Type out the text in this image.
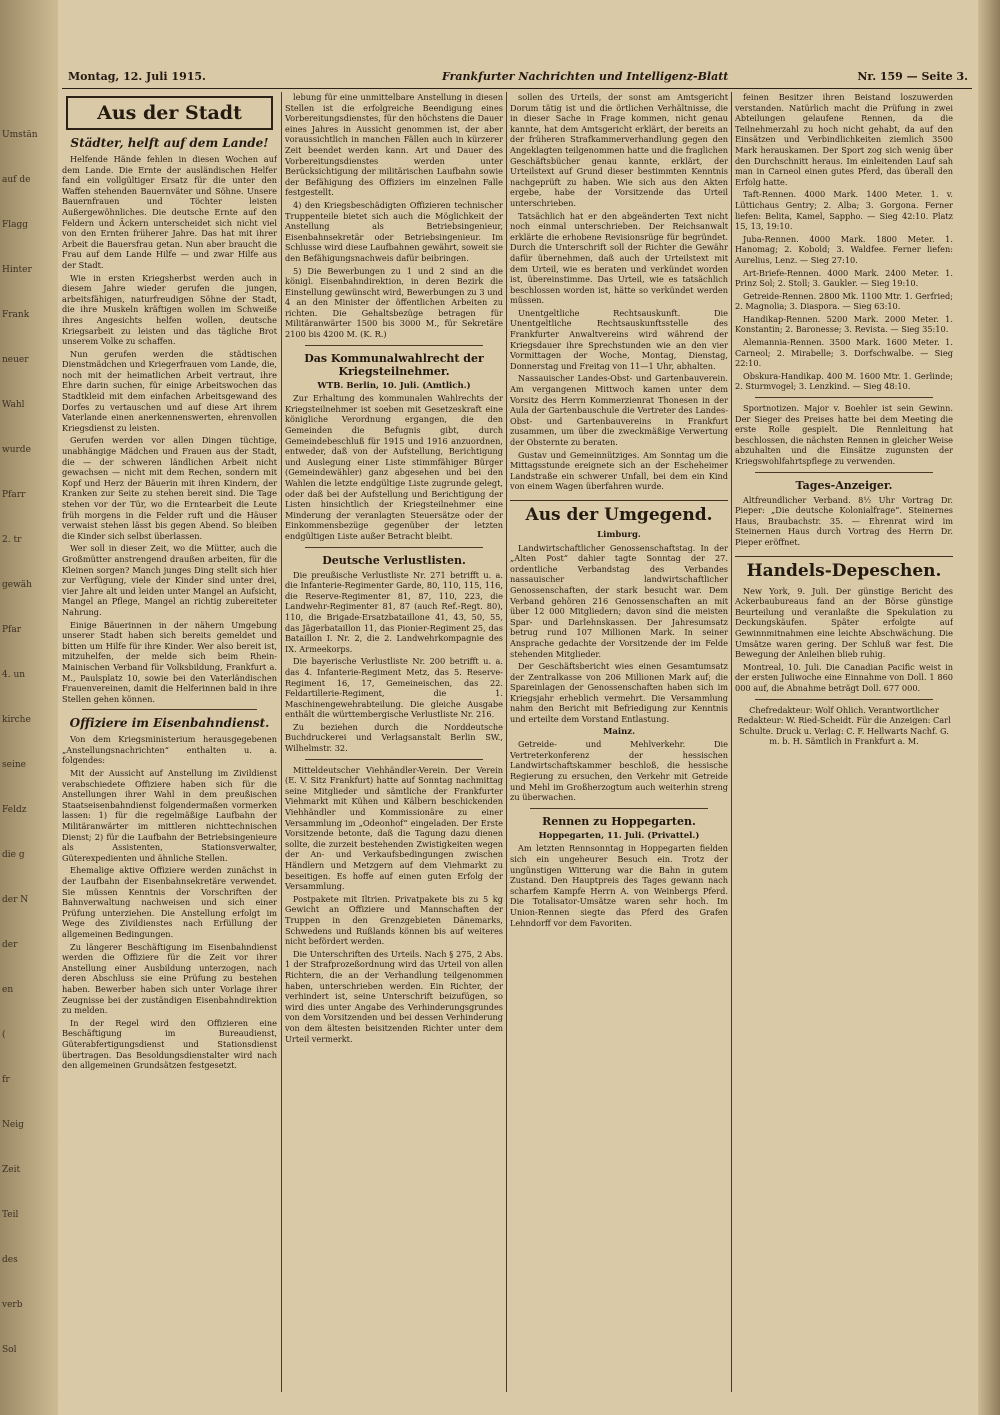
Umstän
auf de
Flagg
Hinter
Frank
neuer
Wahl
wurde
Pfarr
2. tr
gewäh
Pfar
4. un
kirche
seine
Feldz
die g
der N
der
en
(
fr
Neig
Zeit
Teil
des
verb
Sol
Montag, 12. Juli 1915.	Frankfurter Nachrichten und Intelligenz-Blatt	Nr. 159 — Seite 3.
Aus der Stadt
Städter, helft auf dem Lande!

Helfende Hände fehlen in diesen Wochen auf dem Lande. Die Ernte der ausländischen Helfer fand ein vollgültiger Ersatz für die unter den Waffen stehenden Bauernväter und Söhne. Unsere Bauernfrauen und Töchter leisten Außergewöhnliches. Die deutsche Ernte auf den Feldern und Äckern unterscheidet sich nicht viel von den Ernten früherer Jahre. Das hat mit ihrer Arbeit die Bauersfrau getan. Nun aber braucht die Frau auf dem Lande Hilfe — und zwar Hilfe aus der Stadt.

Wie in ersten Kriegsherbst werden auch in diesem Jahre wieder gerufen die jungen, arbeitsfähigen, naturfreudigen Söhne der Stadt, die ihre Muskeln kräftigen wollen im Schweiße ihres Angesichts helfen wollen, deutsche Kriegsarbeit zu leisten und das tägliche Brot unserem Volke zu schaffen.

Nun gerufen werden die städtischen Dienstmädchen und Kriegerfrauen vom Lande, die, noch mit der heimatlichen Arbeit vertraut, ihre Ehre darin suchen, für einige Arbeitswochen das Stadtkleid mit dem einfachen Arbeitsgewand des Dorfes zu vertauschen und auf diese Art ihrem Vaterlande einen anerkennenswerten, ehrenvollen Kriegsdienst zu leisten.

Gerufen werden vor allen Dingen tüchtige, unabhängige Mädchen und Frauen aus der Stadt, die — der schweren ländlichen Arbeit nicht gewachsen — nicht mit dem Rechen, sondern mit Kopf und Herz der Bäuerin mit ihren Kindern, der Kranken zur Seite zu stehen bereit sind. Die Tage stehen vor der Tür, wo die Erntearbeit die Leute früh morgens in die Felder ruft und die Häuser verwaist stehen lässt bis gegen Abend. So bleiben die Kinder sich selbst überlassen.

Wer soll in dieser Zeit, wo die Mütter, auch die Großmütter anstrengend draußen arbeiten, für die Kleinen sorgen? Manch junges Ding stellt sich hier zur Verfügung, viele der Kinder sind unter drei, vier Jahre alt und leiden unter Mangel an Aufsicht, Mangel an Pflege, Mangel an richtig zubereiteter Nahrung.

Einige Bäuerinnen in der nähern Umgebung unserer Stadt haben sich bereits gemeldet und bitten um Hilfe für ihre Kinder. Wer also bereit ist, mitzuhelfen, der melde sich beim Rhein-Mainischen Verband für Volksbildung, Frankfurt a. M., Paulsplatz 10, sowie bei den Vaterländischen Frauenvereinen, damit die Helferinnen bald in ihre Stellen gehen können.

Offiziere im Eisenbahndienst.

Von dem Kriegsministerium herausgegebenen „Anstellungsnachrichten“ enthalten u. a. folgendes:

Mit der Aussicht auf Anstellung im Zivildienst verabschiedete Offiziere haben sich für die Anstellungen ihrer Wahl in dem preußischen Staatseisenbahndienst folgendermaßen vormerken lassen: 1) für die regelmäßige Laufbahn der Militäranwärter im mittleren nichttechnischen Dienst; 2) für die Laufbahn der Betriebsingenieure als Assistenten, Stationsverwalter, Güterexpedienten und ähnliche Stellen.

Ehemalige aktive Offiziere werden zunächst in der Laufbahn der Eisenbahnsekretäre verwendet. Sie müssen Kenntnis der Vorschriften der Bahnverwaltung nachweisen und sich einer Prüfung unterziehen. Die Anstellung erfolgt im Wege des Zivildienstes nach Erfüllung der allgemeinen Bedingungen.

Zu längerer Beschäftigung im Eisenbahndienst werden die Offiziere für die Zeit vor ihrer Anstellung einer Ausbildung unterzogen, nach deren Abschluss sie eine Prüfung zu bestehen haben. Bewerber haben sich unter Vorlage ihrer Zeugnisse bei der zuständigen Eisenbahndirektion zu melden.

In der Regel wird den Offizieren eine Beschäftigung im Bureaudienst, Güterabfertigungsdienst und Stationsdienst übertragen. Das Besoldungsdienstalter wird nach den allgemeinen Grundsätzen festgesetzt.

lebung für eine unmittelbare Anstellung in diesen Stellen ist die erfolgreiche Beendigung eines Vorbereitungsdienstes, für den höchstens die Dauer eines Jahres in Aussicht genommen ist, der aber voraussichtlich in manchen Fällen auch in kürzerer Zeit beendet werden kann. Art und Dauer des Vorbereitungsdienstes werden unter Berücksichtigung der militärischen Laufbahn sowie der Befähigung des Offiziers im einzelnen Falle festgestellt.

4) den Kriegsbeschädigten Offizieren technischer Truppenteile bietet sich auch die Möglichkeit der Anstellung als Betriebsingenieur, Eisenbahnsekretär oder Betriebsingenieur. Im Schlusse wird diese Laufbahnen gewährt, soweit sie den Befähigungsnachweis dafür beibringen.

5) Die Bewerbungen zu 1 und 2 sind an die königl. Eisenbahndirektion, in deren Bezirk die Einstellung gewünscht wird, Bewerbungen zu 3 und 4 an den Minister der öffentlichen Arbeiten zu richten. Die Gehaltsbezüge betragen für Militäranwärter 1500 bis 3000 M., für Sekretäre 2100 bis 4200 M. (K. R.)

Das Kommunalwahlrecht der Kriegsteilnehmer.
WTB. Berlin, 10. Juli. (Amtlich.)

Zur Erhaltung des kommunalen Wahlrechts der Kriegsteilnehmer ist soeben mit Gesetzeskraft eine königliche Verordnung ergangen, die den Gemeinden die Befugnis gibt, durch Gemeindebeschluß für 1915 und 1916 anzuordnen, entweder, daß von der Aufstellung, Berichtigung und Auslegung einer Liste stimmfähiger Bürger (Gemeindewähler) ganz abgesehen und bei den Wahlen die letzte endgültige Liste zugrunde gelegt, oder daß bei der Aufstellung und Berichtigung der Listen hinsichtlich der Kriegsteilnehmer eine Minderung der veranlagten Steuersätze oder der Einkommensbezüge gegenüber der letzten endgültigen Liste außer Betracht bleibt.

Deutsche Verlustlisten.

Die preußische Verlustliste Nr. 271 betrifft u. a. die Infanterie-Regimenter Garde, 80, 110, 115, 116, die Reserve-Regimenter 81, 87, 110, 223, die Landwehr-Regimenter 81, 87 (auch Ref.-Regt. 80), 110, die Brigade-Ersatzbataillone 41, 43, 50, 55, das Jägerbataillon 11, das Pionier-Regiment 25, das Bataillon I. Nr. 2, die 2. Landwehrkompagnie des IX. Armeekorps.

Die bayerische Verlustliste Nr. 200 betrifft u. a. das 4. Infanterie-Regiment Metz, das 5. Reserve-Regiment 16, 17, Gemeineischen, das 22. Feldartillerie-Regiment, die 1. Maschinengewehrabteilung. Die gleiche Ausgabe enthält die württembergische Verlustliste Nr. 216.

Zu beziehen durch die Norddeutsche Buchdruckerei und Verlagsanstalt Berlin SW., Wilhelmstr. 32.

Mitteldeutscher Viehhändler-Verein. Der Verein (E. V. Sitz Frankfurt) hatte auf Sonntag nachmittag seine Mitglieder und sämtliche der Frankfurter Viehmarkt mit Kühen und Kälbern beschickenden Viehhändler und Kommissionäre zu einer Versammlung im „Odeonhof“ eingeladen. Der Erste Vorsitzende betonte, daß die Tagung dazu dienen sollte, die zurzeit bestehenden Zwistigkeiten wegen der An- und Verkaufsbedingungen zwischen Händlern und Metzgern auf dem Viehmarkt zu beseitigen. Es hoffe auf einen guten Erfolg der Versammlung.

Postpakete mit Iltrien. Privatpakete bis zu 5 kg Gewicht an Offiziere und Mannschaften der Truppen in den Grenzgebieten Dänemarks, Schwedens und Rußlands können bis auf weiteres nicht befördert werden.

Die Unterschriften des Urteils. Nach § 275, 2 Abs. 1 der Strafprozeßordnung wird das Urteil von allen Richtern, die an der Verhandlung teilgenommen haben, unterschrieben werden. Ein Richter, der verhindert ist, seine Unterschrift beizufügen, so wird dies unter Angabe des Verhinderungsgrundes von dem Vorsitzenden und bei dessen Verhinderung von dem ältesten beisitzenden Richter unter dem Urteil vermerkt.

sollen des Urteils, der sonst am Amtsgericht Dorum tätig ist und die örtlichen Verhältnisse, die in dieser Sache in Frage kommen, nicht genau kannte, hat dem Amtsgericht erklärt, der bereits an der früheren Strafkammerverhandlung gegen den Angeklagten teilgenommen hatte und die fraglichen Geschäftsbücher genau kannte, erklärt, der Urteilstext auf Grund dieser bestimmten Kenntnis nachgeprüft zu haben. Wie sich aus den Akten ergebe, habe der Vorsitzende das Urteil unterschrieben.

Tatsächlich hat er den abgeänderten Text nicht noch einmal unterschrieben. Der Reichsanwalt erklärte die erhobene Revisionsrüge für begründet. Durch die Unterschrift soll der Richter die Gewähr dafür übernehmen, daß auch der Urteilstext mit dem Urteil, wie es beraten und verkündet worden ist, übereinstimme. Das Urteil, wie es tatsächlich beschlossen worden ist, hätte so verkündet werden müssen.

Unentgeltliche Rechtsauskunft. Die Unentgeltliche Rechtsauskunftsstelle des Frankfurter Anwaltvereins wird während der Kriegsdauer ihre Sprechstunden wie an den vier Vormittagen der Woche, Montag, Dienstag, Donnerstag und Freitag von 11—1 Uhr, abhalten.

Nassauischer Landes-Obst- und Gartenbauverein. Am vergangenen Mittwoch kamen unter dem Vorsitz des Herrn Kommerzienrat Thonesen in der Aula der Gartenbauschule die Vertreter des Landes-Obst- und Gartenbauvereins in Frankfurt zusammen, um über die zweckmäßige Verwertung der Obsternte zu beraten.

Gustav und Gemeinnütziges. Am Sonntag um die Mittagsstunde ereignete sich an der Escheheimer Landstraße ein schwerer Unfall, bei dem ein Kind von einem Wagen überfahren wurde.

Aus der Umgegend.
Limburg.

Landwirtschaftlicher Genossenschaftstag. In der „Alten Post“ dahier tagte Sonntag der 27. ordentliche Verbandstag des Verbandes nassauischer landwirtschaftlicher Genossenschaften, der stark besucht war. Dem Verband gehören 216 Genossenschaften an mit über 12 000 Mitgliedern; davon sind die meisten Spar- und Darlehnskassen. Der Jahresumsatz betrug rund 107 Millionen Mark. In seiner Ansprache gedachte der Vorsitzende der im Felde stehenden Mitglieder.

Der Geschäftsbericht wies einen Gesamtumsatz der Zentralkasse von 206 Millionen Mark auf; die Spareinlagen der Genossenschaften haben sich im Kriegsjahr erheblich vermehrt. Die Versammlung nahm den Bericht mit Befriedigung zur Kenntnis und erteilte dem Vorstand Entlastung.

Mainz.

Getreide- und Mehlverkehr. Die Vertreterkonferenz der hessischen Landwirtschaftskammer beschloß, die hessische Regierung zu ersuchen, den Verkehr mit Getreide und Mehl im Großherzogtum auch weiterhin streng zu überwachen.

Rennen zu Hoppegarten.
Hoppegarten, 11. Juli. (Privattel.)

Am letzten Rennsonntag in Hoppegarten fielden sich ein ungeheurer Besuch ein. Trotz der ungünstigen Witterung war die Bahn in gutem Zustand. Den Hauptpreis des Tages gewann nach scharfem Kampfe Herrn A. von Weinbergs Pferd. Die Totalisator-Umsätze waren sehr hoch. Im Union-Rennen siegte das Pferd des Grafen Lehndorff vor dem Favoriten.

feinen Besitzer ihren Beistand loszuwerden verstanden. Natürlich macht die Prüfung in zwei Abteilungen gelaufene Rennen, da die Teilnehmerzahl zu hoch nicht gehabt, da auf den Einsätzen und Verbindlichkeiten ziemlich 3500 Mark herauskamen. Der Sport zog sich wenig über den Durchschnitt heraus. Im einleitenden Lauf sah man in Carneol einen gutes Pferd, das überall den Erfolg hatte.

Taft-Rennen. 4000 Mark. 1400 Meter. 1. v. Lüttichaus Gentry; 2. Alba; 3. Gorgona. Ferner liefen: Belita, Kamel, Sappho. — Sieg 42:10. Platz 15, 13, 19:10.

Juba-Rennen. 4000 Mark. 1800 Meter. 1. Hanomag; 2. Kobold; 3. Waldfee. Ferner liefen: Aurelius, Lenz. — Sieg 27:10.

Art-Briefe-Rennen. 4000 Mark. 2400 Meter. 1. Prinz Sol; 2. Stoll; 3. Gaukler. — Sieg 19:10.

Getreide-Rennen. 2800 Mk. 1100 Mtr. 1. Gerfried; 2. Magnolia; 3. Diaspora. — Sieg 63:10.

Handikap-Rennen. 5200 Mark. 2000 Meter. 1. Konstantin; 2. Baronesse; 3. Revista. — Sieg 35:10.

Alemannia-Rennen. 3500 Mark. 1600 Meter. 1. Carneol; 2. Mirabelle; 3. Dorfschwalbe. — Sieg 22:10.

Obskura-Handikap. 400 M. 1600 Mtr. 1. Gerlinde; 2. Sturmvogel; 3. Lenzkind. — Sieg 48:10.

Sportnotizen. Major v. Boehler ist sein Gewinn. Der Sieger des Preises hatte bei dem Meeting die erste Rolle gespielt. Die Rennleitung hat beschlossen, die nächsten Rennen in gleicher Weise abzuhalten und die Einsätze zugunsten der Kriegswohlfahrtspflege zu verwenden.

Tages-Anzeiger.

Altfreundlicher Verband. 8½ Uhr Vortrag Dr. Pieper: „Die deutsche Kolonialfrage“. Steinernes Haus, Braubachstr. 35. — Ehrenrat wird im Steinernen Haus durch Vortrag des Herrn Dr. Pieper eröffnet.

Handels-Depeschen.

New York, 9. Juli. Der günstige Bericht des Ackerbaubureaus fand an der Börse günstige Beurteilung und veranlaßte die Spekulation zu Deckungskäufen. Später erfolgte auf Gewinnmitnahmen eine leichte Abschwächung. Die Umsätze waren gering. Der Schluß war fest. Die Bewegung der Anleihen blieb ruhig.

Montreal, 10. Juli. Die Canadian Pacific weist in der ersten Juliwoche eine Einnahme von Doll. 1 860 000 auf, die Abnahme beträgt Doll. 677 000.

Chefredakteur: Wolf Ohlich. Verantwortlicher Redakteur: W. Ried-Scheidt. Für die Anzeigen: Carl Schulte. Druck u. Verlag: C. F. Hellwarts Nachf. G. m. b. H. Sämtlich in Frankfurt a. M.
